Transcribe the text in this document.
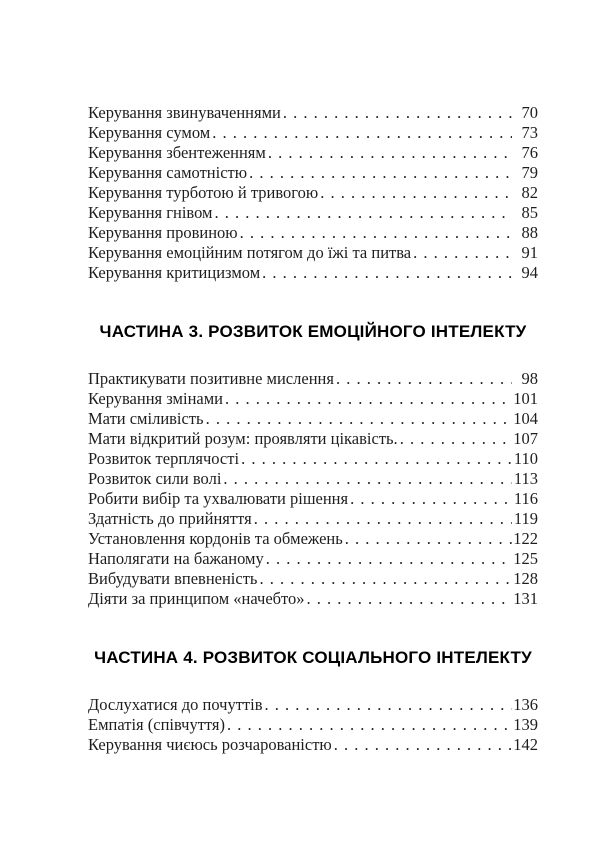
Керування звинуваченнями . . .	70
Керування сумом . . .	73
Керування збентеженням . . .	76
Керування самотністю . . .	79
Керування турботою й тривогою . . .	82
Керування гнівом . . .	85
Керування провиною . . .	88
Керування емоційним потягом до їжі та питва . . .	91
Керування критицизмом . . .	94
ЧАСТИНА 3. РОЗВИТОК ЕМОЦІЙНОГО ІНТЕЛЕКТУ
Практикувати позитивне мислення . . .	98
Керування змінами . . .	101
Мати сміливість . . .	104
Мати відкритий розум: проявляти цікавість. . . .	107
Розвиток терплячості . . .	110
Розвиток сили волі . . .	113
Робити вибір та ухвалювати рішення . . .	116
Здатність до прийняття . . .	119
Установлення кордонів та обмежень . . .	122
Наполягати на бажаному . . .	125
Вибудувати впевненість . . .	128
Діяти за принципом «начебто» . . .	131
ЧАСТИНА 4. РОЗВИТОК СОЦІАЛЬНОГО ІНТЕЛЕКТУ
Дослухатися до почуттів . . .	136
Емпатія (співчуття) . . .	139
Керування чиєюсь розчарованістю . . .	142
